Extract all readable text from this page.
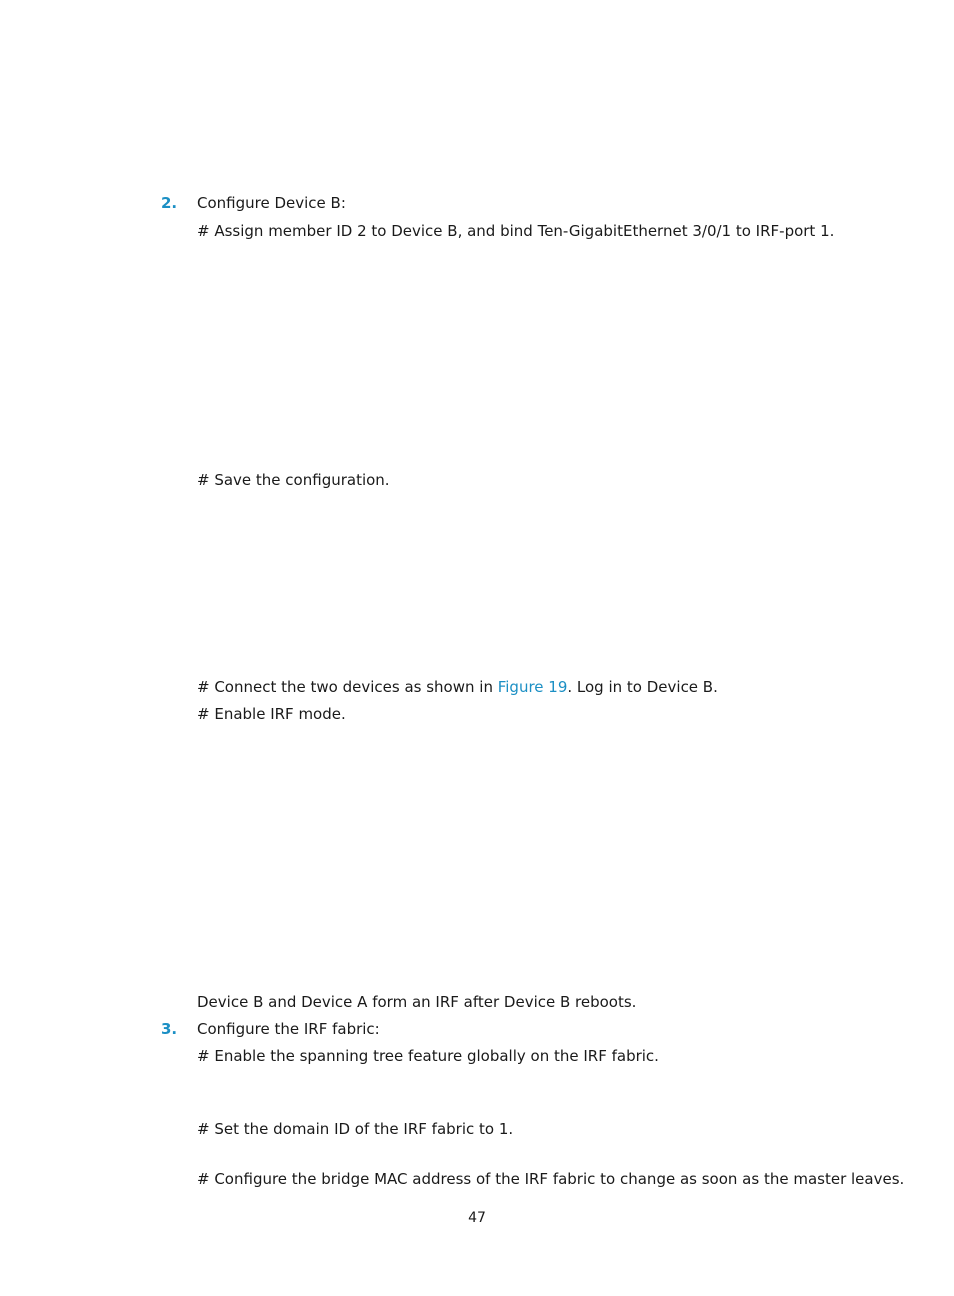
2. Configure Device B:
# Assign member ID 2 to Device B, and bind Ten-GigabitEthernet 3/0/1 to IRF-port 1.
# Save the configuration.
# Connect the two devices as shown in Figure 19. Log in to Device B.
# Enable IRF mode.
Device B and Device A form an IRF after Device B reboots.
3. Configure the IRF fabric:
# Enable the spanning tree feature globally on the IRF fabric.
# Set the domain ID of the IRF fabric to 1.
# Configure the bridge MAC address of the IRF fabric to change as soon as the master leaves.
47
